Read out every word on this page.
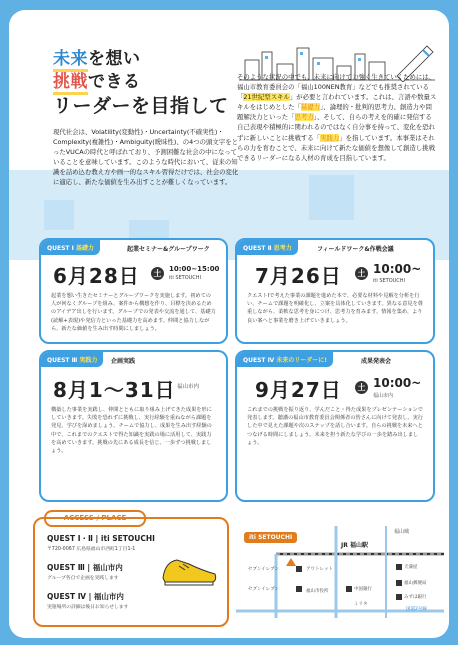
未来を想い
挑戦できる
リーダーを目指して
現代社会は、Volatility(変動性)・Uncertainty(不確実性)・Complexity(複雑性)・Ambiguity(曖昧性)、の4つの頭文字をとったVUCAの時代と呼ばれており、予測困難な社会の中になっていることを意味しています。このような時代において、従来の知識を詰め込む教え方や画一的なスキル習得だけでは、社会の変化に適応し、新たな価値を生み出すことが難しくなっています。
そのような状況の中でも、未来に向けて力強く生きていくためには、福山市教育委員会の「福山100NEN教育」などでも推奨されている「21世紀型スキル」が必要と言われています。これは、言語や数量スキルをはじめとした「基礎力」、論理的・批判的思考力、創造力や問題解決力といった「思考力」、そして、自らの考えを的確に発信する自己表現や積極的に関われるのではなく自分事を持って、変化を恐れずに新しいことに挑戦する「実践力」を指しています。本事業はそれらの力を育むことで、未来に向けて新たな価値を想像して創造し挑戦できるリーダーになる人材の育成を目指しています。
QUEST Ⅰ 基礎力	起業セミナー&グループワーク
6月28日	土	10:00~15:00
iti SETOUCHI
起業を想い生きたセミナーとグループワークを実施します。初めての人が何なくグループを組み、案件から構想を作り、目標を決めるためのアイデア出しを行います。グループでの発表や交流を通して、基礎力(読解+表現)や発信力といった基礎力を高めます。仲間と協力しながら、新たな価値を生み出す時間にしましょう。
QUEST Ⅱ 思考力	フィールドワーク&作戦会議
7月26日	土 10:00~
iti SETOUCHI
クエストⅠで考えた事業の課題を進めた本で、必要な材料や見解を分析を行い、チームで課題を明確化し、立案を具体化していきます。異なる意見を尊重しながら、柔軟な思考を身につけ、思考力を育みます。情報を集め、より良い案へと事業を磨き上げていきましょう。
QUEST Ⅲ 実践力	企画実践
8月1〜31日 福山市内
構築した事業を実践し、仲間とともに取り組み上げてきた成果を形にしていきます。失敗を恐れずに挑戦し、実行経験を重ねながら課題を発見、学びを深めましょう。チームで協力し、成果を生み出す経験の中で、これまでのクエストで得た知識を実践の場に活用して、実践力を高めていきます。挑戦の先にある成長を信じ、一歩ずつ挑戦しましょう。
QUEST Ⅳ 未来のリーダーに!	成果発表会
9月27日	土 10:00~
福山市内
これまでの挑戦を振り返り、学んだこと・得た成果をプレゼンテーションで発表します。聴講の福山市教育委員会関係者の皆さんに向けて発表し、実行した中で見えた課題や次のステップを話し合います。自らの挑戦を未来へとつなげる時間にしましょう。未来を担う新たな学びの一歩を踏み出しましょう。
ACCESS / PLACE
QUEST Ⅰ・Ⅱ | iti SETOUCHI
〒720-0067 広島県福山市西町1丁目1-1
QUEST Ⅲ | 福山市内
グループ各自で企画を実践します
QUEST Ⅳ | 福山市内
実施場所の詳細は後日お知らせします
iti SETOUCHI
JR 福山駅
福山城
セブンイレブン
福山市役所
アウトレット	天満屋
福山郵便局
みずほ銀行
中国銀行
ミリタ
セブンイレブン
国道2号線
2025 FUKUYAMA SUMMER VACATION QUEST
